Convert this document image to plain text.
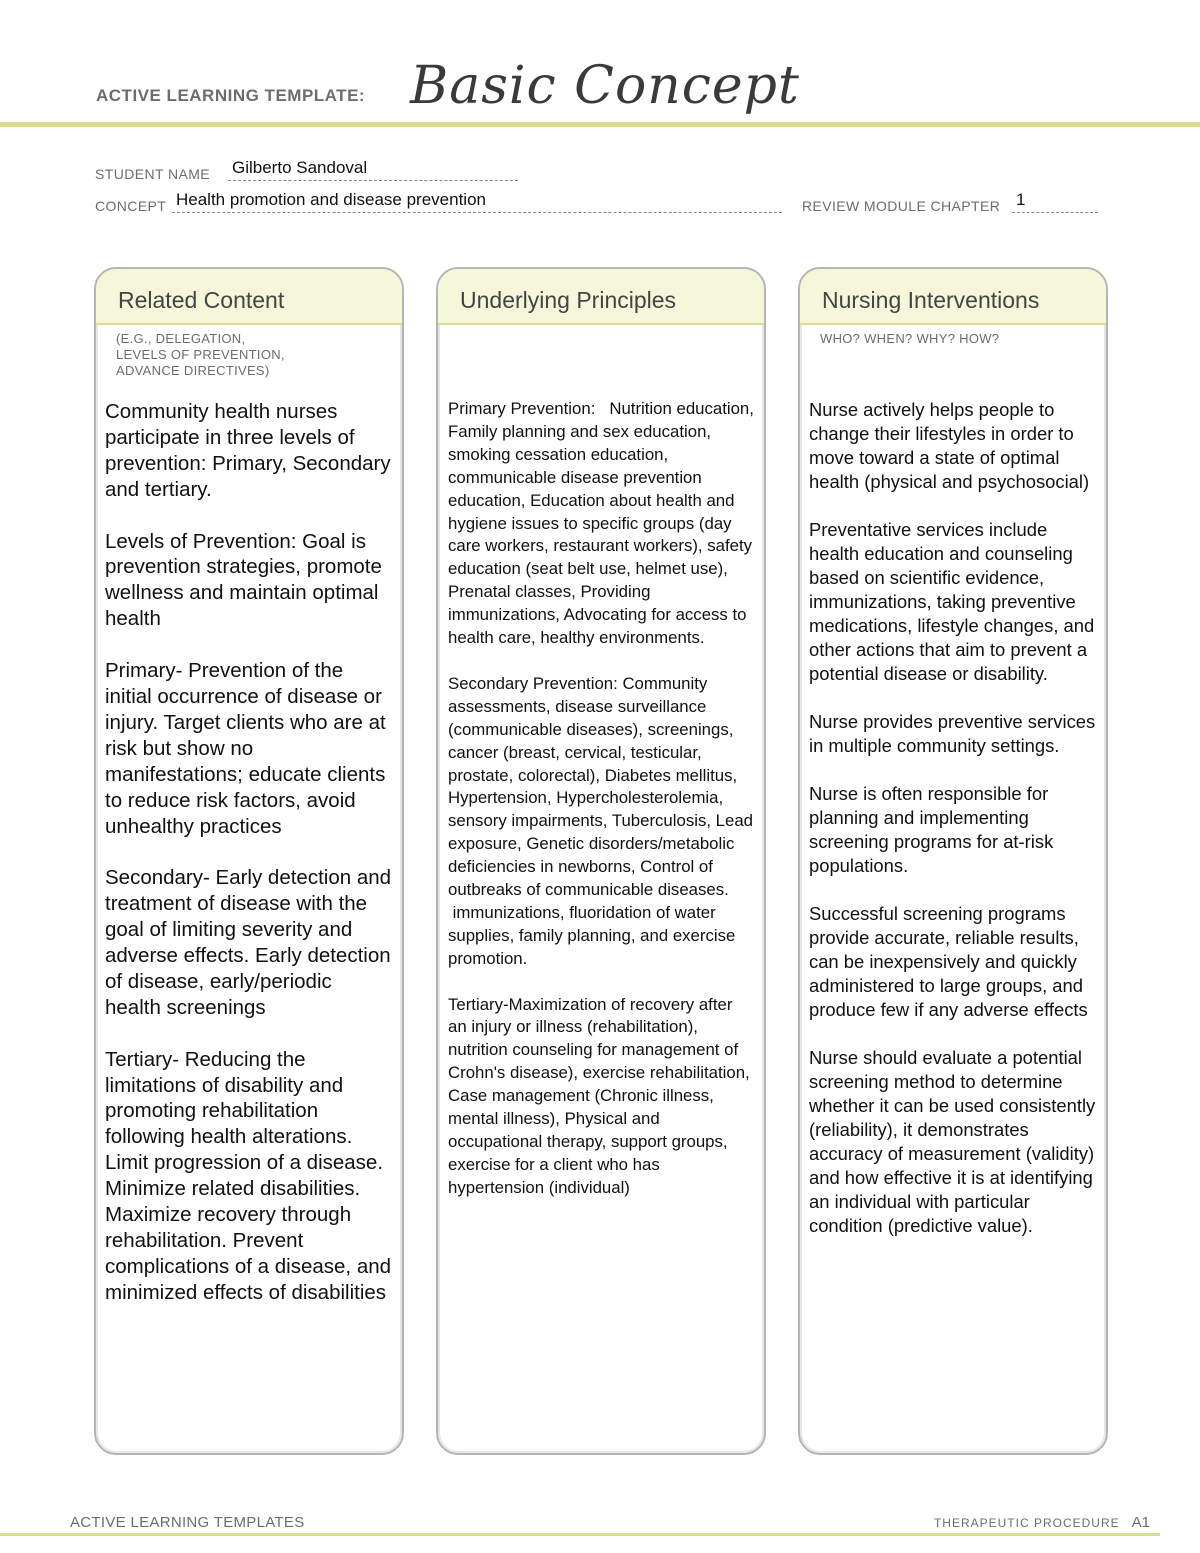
ACTIVE LEARNING TEMPLATE: Basic Concept
STUDENT NAME Gilberto Sandoval
CONCEPT Health promotion and disease prevention	REVIEW MODULE CHAPTER 1
Related Content
(E.G., DELEGATION,
LEVELS OF PREVENTION,
ADVANCE DIRECTIVES)
Community health nurses participate in three levels of prevention: Primary, Secondary and tertiary.

Levels of Prevention: Goal is prevention strategies, promote wellness and maintain optimal health

Primary- Prevention of the initial occurrence of disease or injury. Target clients who are at risk but show no manifestations; educate clients to reduce risk factors, avoid unhealthy practices

Secondary- Early detection and treatment of disease with the goal of limiting severity and adverse effects. Early detection of disease, early/periodic health screenings

Tertiary- Reducing the limitations of disability and promoting rehabilitation following health alterations. Limit progression of a disease. Minimize related disabilities. Maximize recovery through rehabilitation. Prevent complications of a disease, and minimized effects of disabilities
Underlying Principles
Primary Prevention:   Nutrition education, Family planning and sex education, smoking cessation education, communicable disease prevention education, Education about health and hygiene issues to specific groups (day care workers, restaurant workers), safety education (seat belt use, helmet use), Prenatal classes, Providing immunizations, Advocating for access to health care, healthy environments.

Secondary Prevention: Community assessments, disease surveillance (communicable diseases), screenings, cancer (breast, cervical, testicular, prostate, colorectal), Diabetes mellitus, Hypertension, Hypercholesterolemia, sensory impairments, Tuberculosis, Lead exposure, Genetic disorders/metabolic deficiencies in newborns, Control of outbreaks of communicable diseases.
immunizations, fluoridation of water supplies, family planning, and exercise promotion.

Tertiary-Maximization of recovery after an injury or illness (rehabilitation), nutrition counseling for management of Crohn's disease), exercise rehabilitation, Case management (Chronic illness, mental illness), Physical and occupational therapy, support groups, exercise for a client who has hypertension (individual)
Nursing Interventions
WHO? WHEN? WHY? HOW?
Nurse actively helps people to change their lifestyles in order to move toward a state of optimal health (physical and psychosocial)

Preventative services include health education and counseling based on scientific evidence, immunizations, taking preventive medications, lifestyle changes, and other actions that aim to prevent a potential disease or disability.

Nurse provides preventive services in multiple community settings.

Nurse is often responsible for planning and implementing screening programs for at-risk populations.

Successful screening programs provide accurate, reliable results, can be inexpensively and quickly administered to large groups, and produce few if any adverse effects

Nurse should evaluate a potential screening method to determine whether it can be used consistently (reliability), it demonstrates accuracy of measurement (validity) and how effective it is at identifying an individual with particular condition (predictive value).
ACTIVE LEARNING TEMPLATES	THERAPEUTIC PROCEDURE A1
